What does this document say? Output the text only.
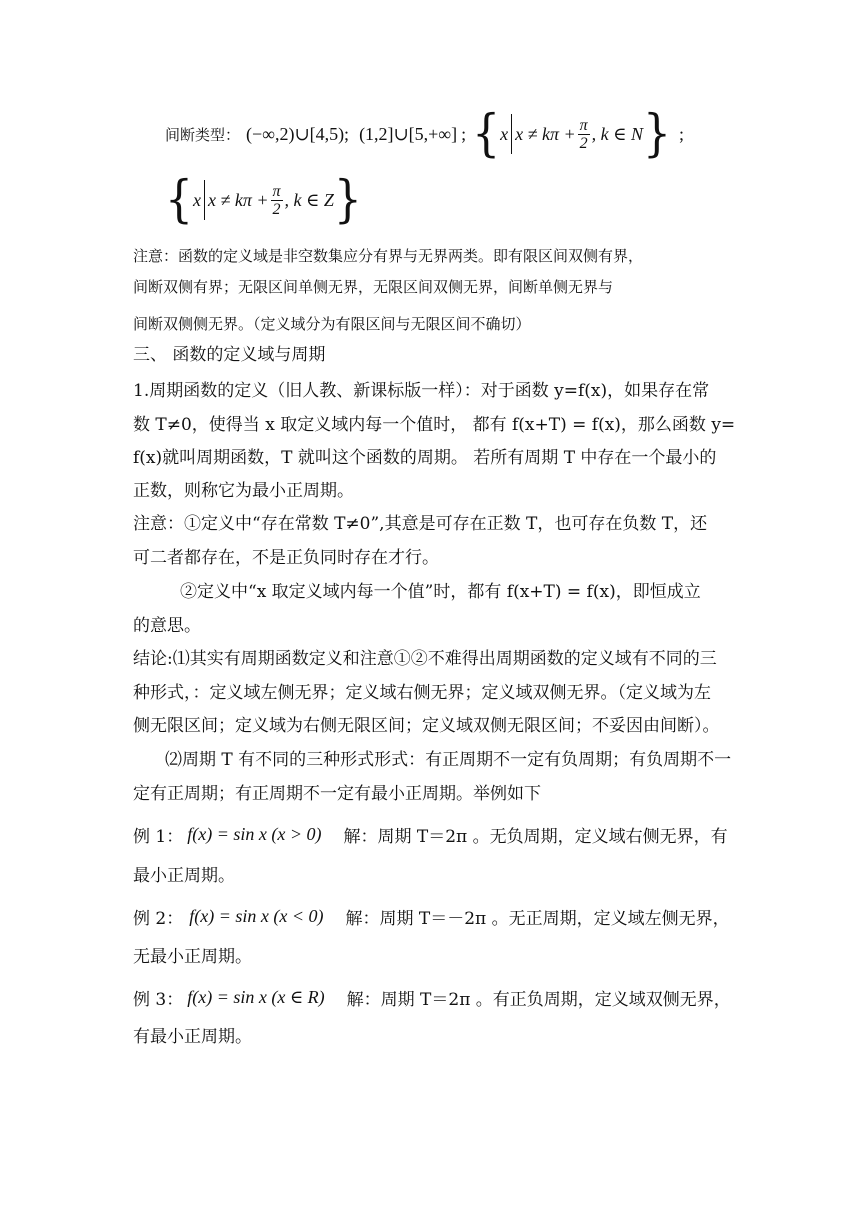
间断类型： (−∞,2)∪[4,5); (1,2]∪[5,+∞] ; { x $x \ne k\pi + \frac{\pi}{2}$ , k ∈ N } ;
{ x $x \ne k\pi + \frac{\pi}{2}$ , k ∈ Z }
注意：函数的定义域是非空数集应分有界与无界两类。即有限区间双侧有界，
间断双侧有界；无限区间单侧无界，无限区间双侧无界，间断单侧无界与
间断双侧侧无界。（定义域分为有限区间与无限区间不确切）
三、 函数的定义域与周期
1.周期函数的定义（旧人教、新课标版一样）：对于函数 y=f(x)，如果存在常
数 T≠0，使得当 x 取定义域内每一个值时， 都有 f(x+T) = f(x)，那么函数 y=
f(x)就叫周期函数，T 就叫这个函数的周期。 若所有周期 T 中存在一个最小的
正数，则称它为最小正周期。
注意：①定义中“存在常数 T≠0”,其意是可存在正数 T，也可存在负数 T，还
可二者都存在，不是正负同时存在才行。
②定义中“x 取定义域内每一个值”时，都有 f(x+T) = f(x)，即恒成立
的意思。
结论:⑴其实有周期函数定义和注意①②不难得出周期函数的定义域有不同的三
种形式，：定义域左侧无界；定义域右侧无界；定义域双侧无界。（定义域为左
侧无限区间；定义域为右侧无限区间；定义域双侧无限区间；不妥因由间断）。
⑵周期 T 有不同的三种形式形式：有正周期不一定有负周期；有负周期不一
定有正周期；有正周期不一定有最小正周期。举例如下
例 1： f(x) = sin x (x > 0) 解：周期 T＝2π 。无负周期，定义域右侧无界，有
最小正周期。
例 2： f(x) = sin x (x < 0) 解：周期 T＝－2π 。无正周期，定义域左侧无界，
无最小正周期。
例 3： f(x) = sin x (x ∈ R) 解：周期 T＝2π 。有正负周期，定义域双侧无界，
有最小正周期。
